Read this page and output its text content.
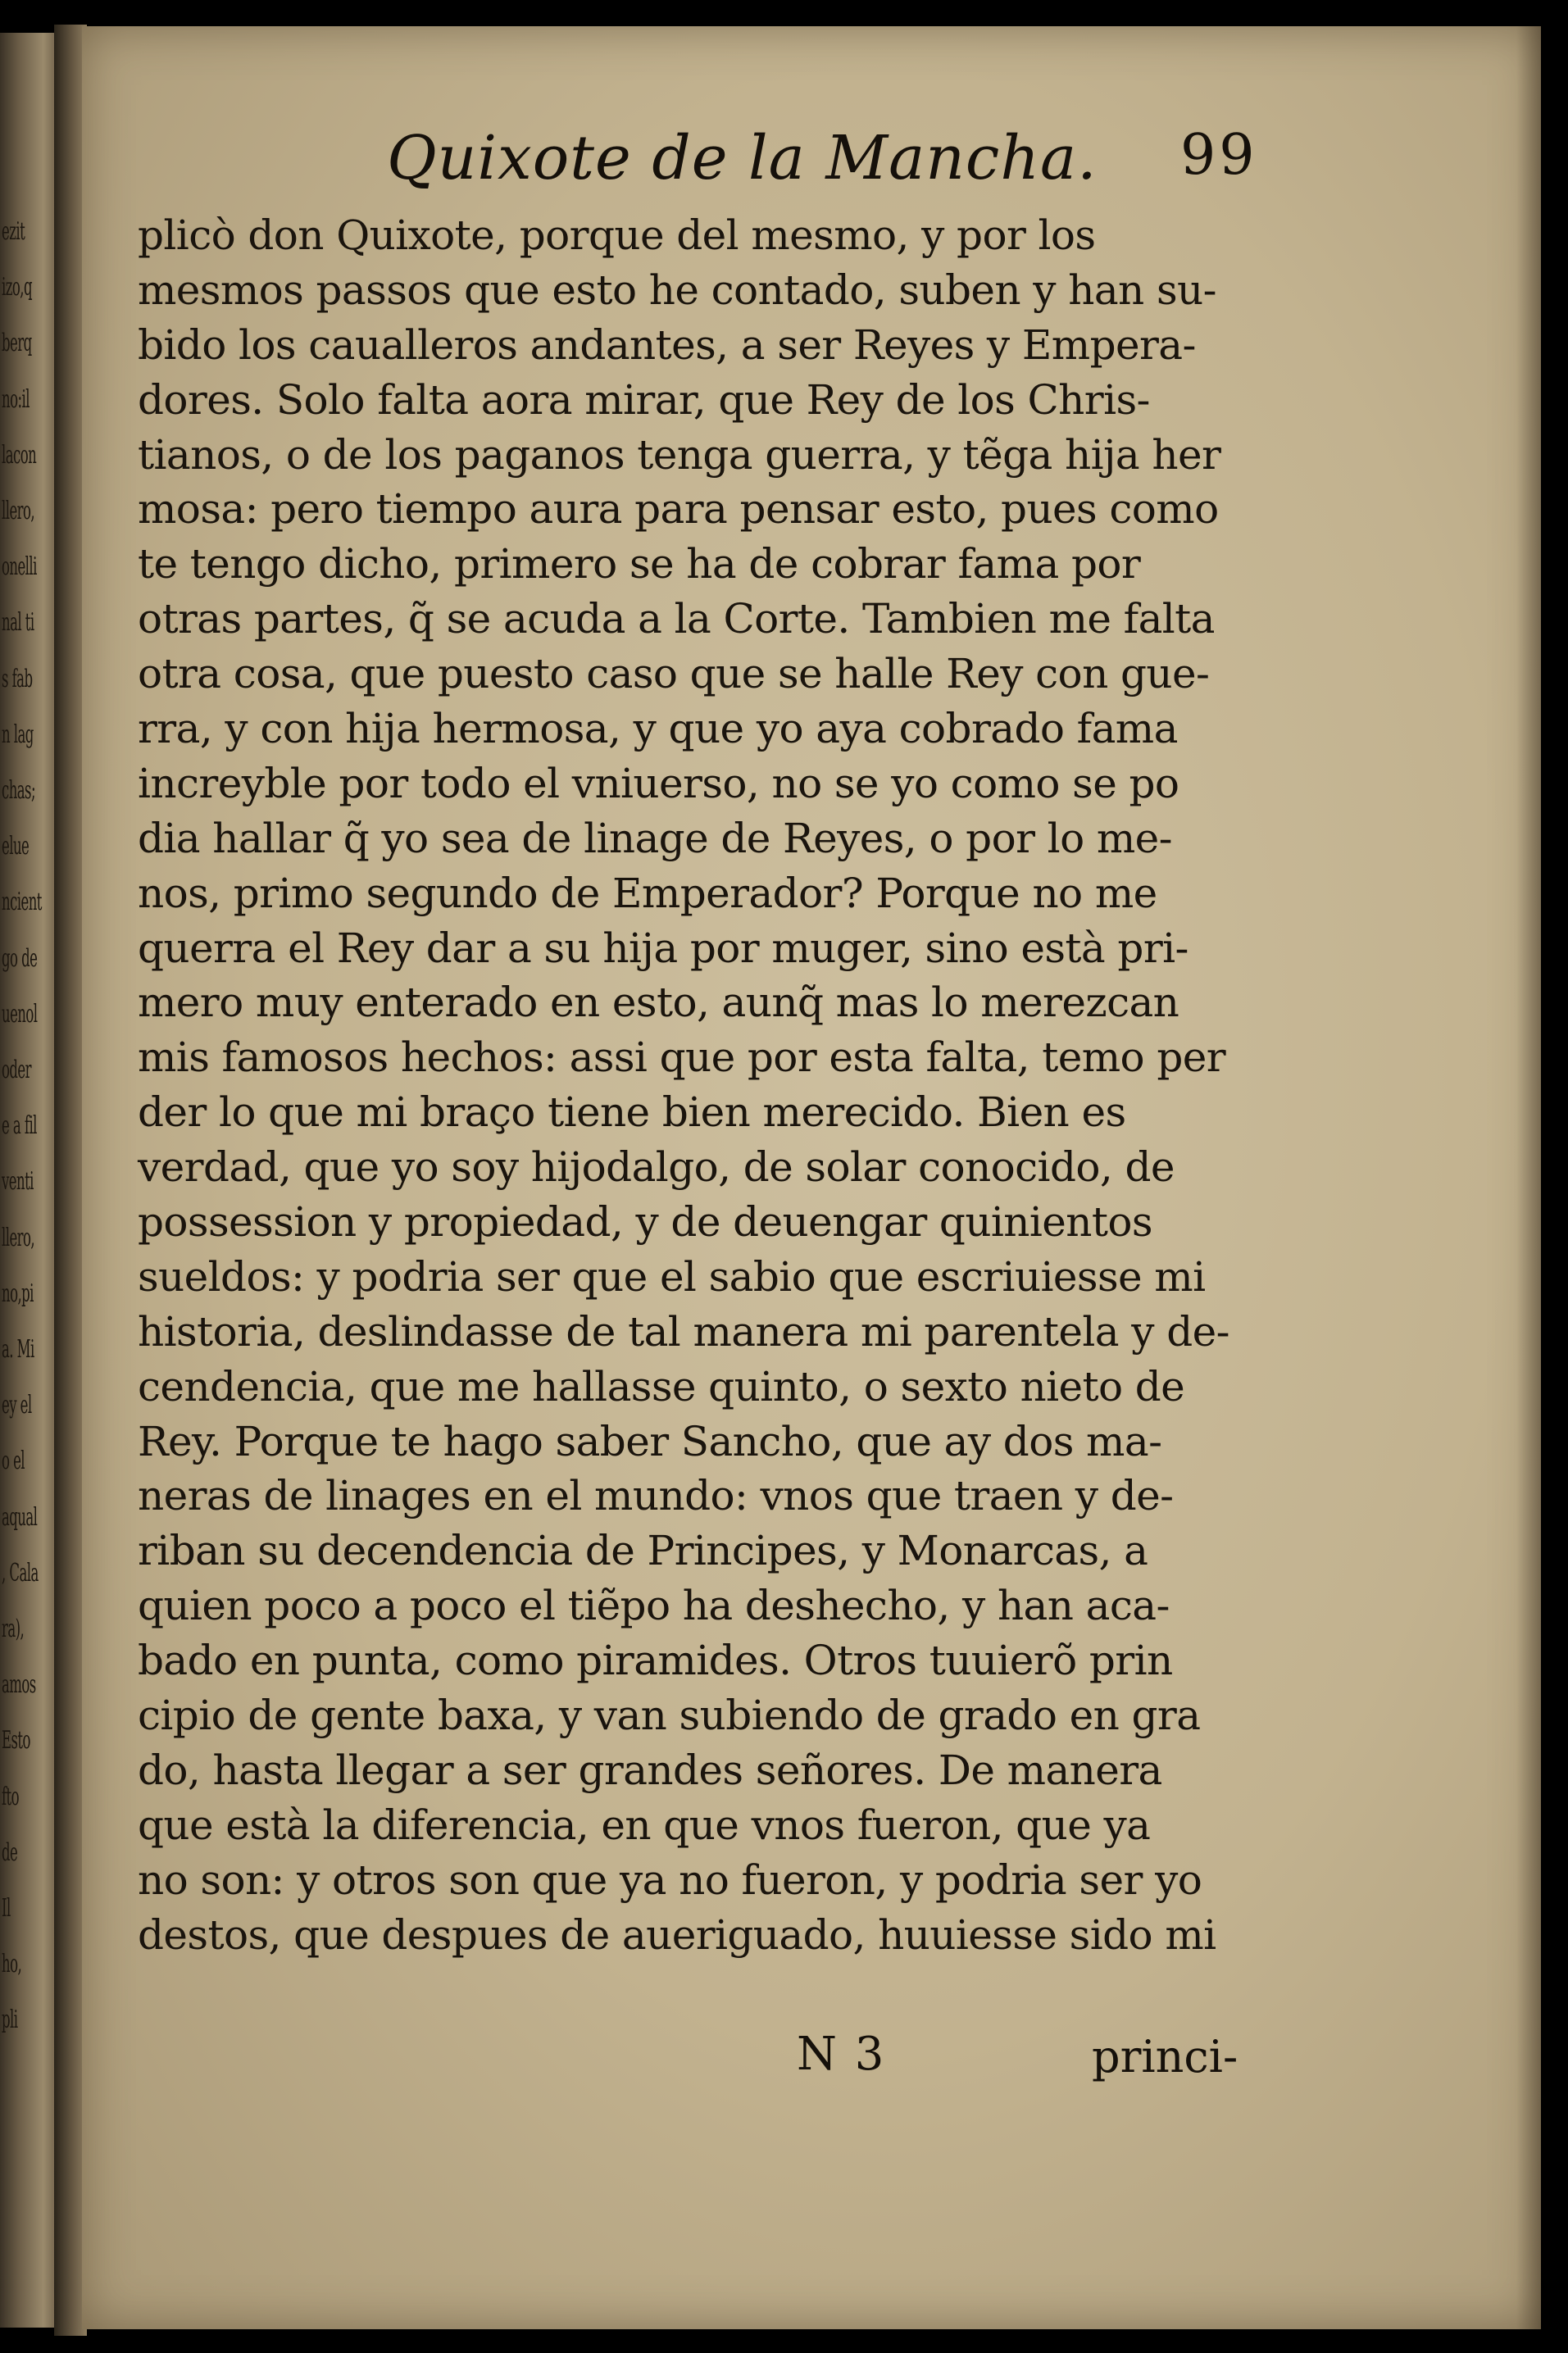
ezit
izo,q
berq
no:il
lacon
llero,
onelli
nal ti
s fab
n lag
chas;
elue
ncient
go de
uenol
oder
e a fil
venti
llero,
no,pi
a. Mi
ey el
o el
aqual
, Cala
ra),
amos
Esto
fto
de
Il
ho,
pli
Quixote de la Mancha. 99
plicò don Quixote, porque del mesmo, y por los
mesmos passos que esto he contado, suben y han su-
bido los caualleros andantes, a ser Reyes y Empera-
dores. Solo falta aora mirar, que Rey de los Chris-
tianos, o de los paganos tenga guerra, y tẽga hija her
mosa: pero tiempo aura para pensar esto, pues como
te tengo dicho, primero se ha de cobrar fama por
otras partes, q̃ se acuda a la Corte. Tambien me falta
otra cosa, que puesto caso que se halle Rey con gue-
rra, y con hija hermosa, y que yo aya cobrado fama
increyble por todo el vniuerso, no se yo como se po
dia hallar q̃ yo sea de linage de Reyes, o por lo me-
nos, primo segundo de Emperador? Porque no me
querra el Rey dar a su hija por muger, sino està pri-
mero muy enterado en esto, aunq̃ mas lo merezcan
mis famosos hechos: assi que por esta falta, temo per
der lo que mi braço tiene bien merecido. Bien es
verdad, que yo soy hijodalgo, de solar conocido, de
possession y propiedad, y de deuengar quinientos
sueldos: y podria ser que el sabio que escriuiesse mi
historia, deslindasse de tal manera mi parentela y de-
cendencia, que me hallasse quinto, o sexto nieto de
Rey. Porque te hago saber Sancho, que ay dos ma-
neras de linages en el mundo: vnos que traen y de-
riban su decendencia de Principes, y Monarcas, a
quien poco a poco el tiẽpo ha deshecho, y han aca-
bado en punta, como piramides. Otros tuuierõ prin
cipio de gente baxa, y van subiendo de grado en gra
do, hasta llegar a ser grandes señores. De manera
que està la diferencia, en que vnos fueron, que ya
no son: y otros son que ya no fueron, y podria ser yo
destos, que despues de aueriguado, huuiesse sido mi
N 3	princi-
